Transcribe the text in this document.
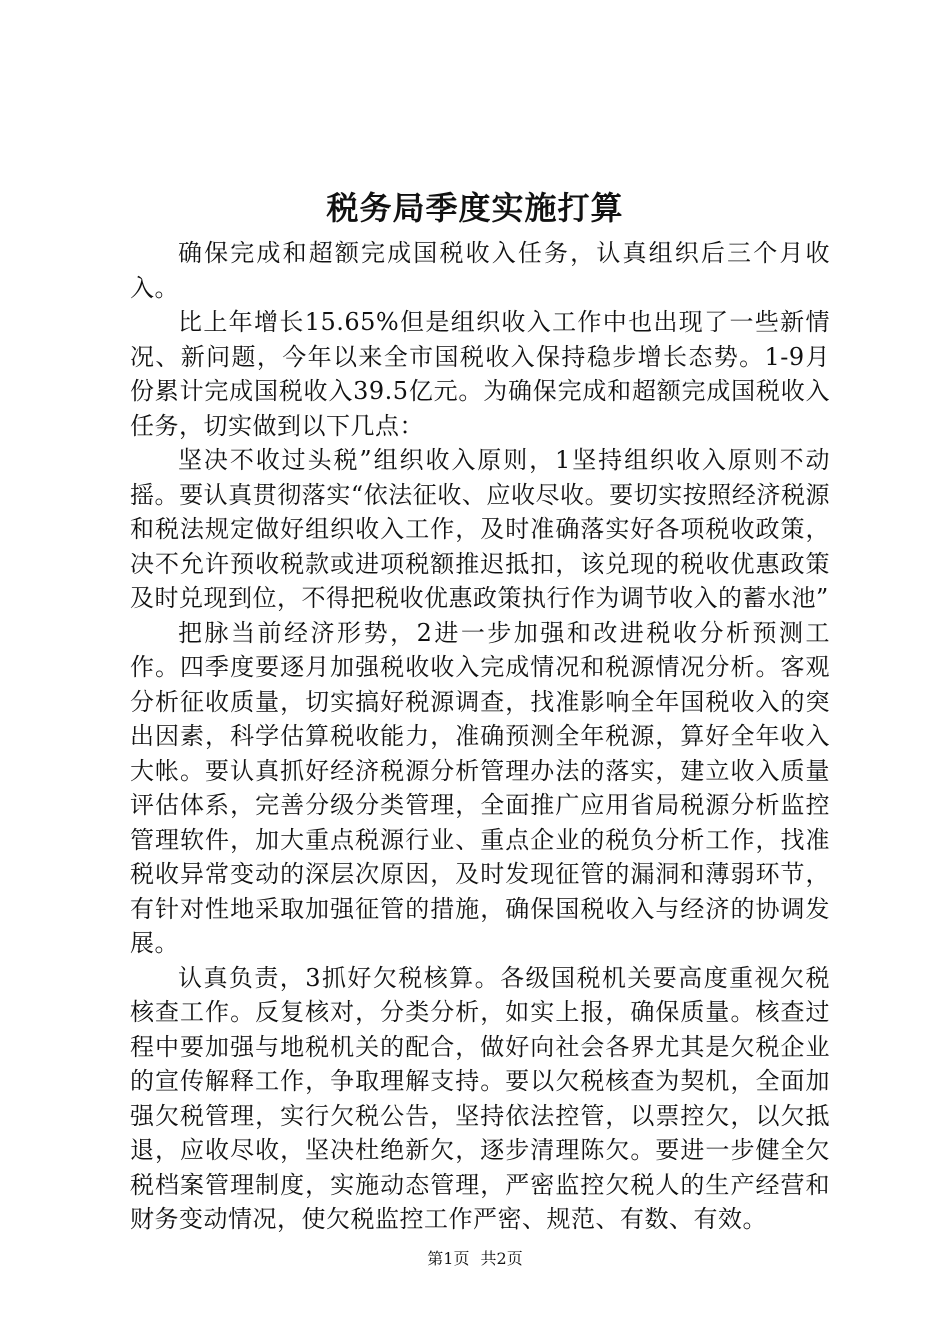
税务局季度实施打算

确保完成和超额完成国税收入任务，认真组织后三个月收入。

比上年增长15.65%但是组织收入工作中也出现了一些新情况、新问题，今年以来全市国税收入保持稳步增长态势。1-9月份累计完成国税收入39.5亿元。为确保完成和超额完成国税收入任务，切实做到以下几点：

坚决不收过头税”组织收入原则，1坚持组织收入原则不动摇。要认真贯彻落实“依法征收、应收尽收。要切实按照经济税源和税法规定做好组织收入工作，及时准确落实好各项税收政策，决不允许预收税款或进项税额推迟抵扣，该兑现的税收优惠政策及时兑现到位，不得把税收优惠政策执行作为调节收入的蓄水池”

把脉当前经济形势，2进一步加强和改进税收分析预测工作。四季度要逐月加强税收收入完成情况和税源情况分析。客观分析征收质量，切实搞好税源调查，找准影响全年国税收入的突出因素，科学估算税收能力，准确预测全年税源，算好全年收入大帐。要认真抓好经济税源分析管理办法的落实，建立收入质量评估体系，完善分级分类管理，全面推广应用省局税源分析监控管理软件，加大重点税源行业、重点企业的税负分析工作，找准税收异常变动的深层次原因，及时发现征管的漏洞和薄弱环节，有针对性地采取加强征管的措施，确保国税收入与经济的协调发展。

认真负责，3抓好欠税核算。各级国税机关要高度重视欠税核查工作。反复核对，分类分析，如实上报，确保质量。核查过程中要加强与地税机关的配合，做好向社会各界尤其是欠税企业的宣传解释工作，争取理解支持。要以欠税核查为契机，全面加强欠税管理，实行欠税公告，坚持依法控管，以票控欠，以欠抵退，应收尽收，坚决杜绝新欠，逐步清理陈欠。要进一步健全欠税档案管理制度，实施动态管理，严密监控欠税人的生产经营和财务变动情况，使欠税监控工作严密、规范、有数、有效。

第1页 共2页
